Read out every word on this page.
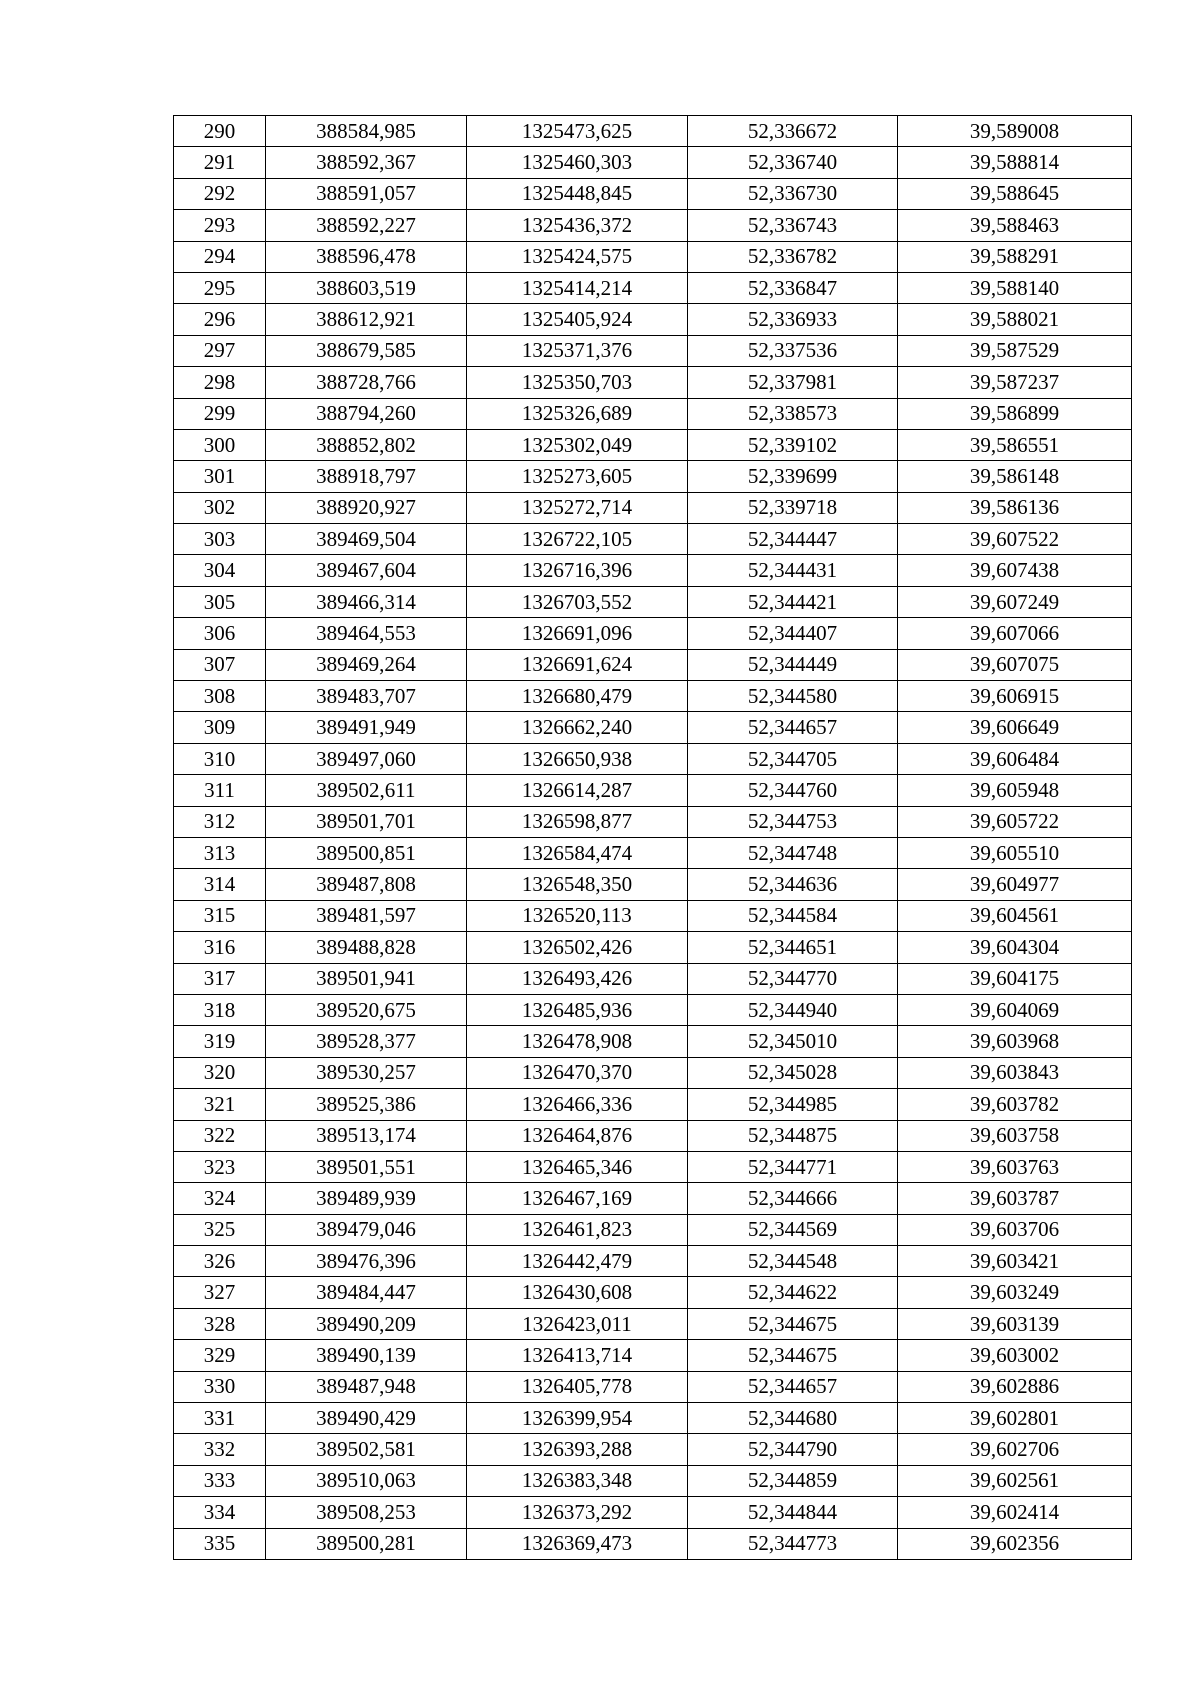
290	388584,985	1325473,625	52,336672	39,589008
291	388592,367	1325460,303	52,336740	39,588814
292	388591,057	1325448,845	52,336730	39,588645
293	388592,227	1325436,372	52,336743	39,588463
294	388596,478	1325424,575	52,336782	39,588291
295	388603,519	1325414,214	52,336847	39,588140
296	388612,921	1325405,924	52,336933	39,588021
297	388679,585	1325371,376	52,337536	39,587529
298	388728,766	1325350,703	52,337981	39,587237
299	388794,260	1325326,689	52,338573	39,586899
300	388852,802	1325302,049	52,339102	39,586551
301	388918,797	1325273,605	52,339699	39,586148
302	388920,927	1325272,714	52,339718	39,586136
303	389469,504	1326722,105	52,344447	39,607522
304	389467,604	1326716,396	52,344431	39,607438
305	389466,314	1326703,552	52,344421	39,607249
306	389464,553	1326691,096	52,344407	39,607066
307	389469,264	1326691,624	52,344449	39,607075
308	389483,707	1326680,479	52,344580	39,606915
309	389491,949	1326662,240	52,344657	39,606649
310	389497,060	1326650,938	52,344705	39,606484
311	389502,611	1326614,287	52,344760	39,605948
312	389501,701	1326598,877	52,344753	39,605722
313	389500,851	1326584,474	52,344748	39,605510
314	389487,808	1326548,350	52,344636	39,604977
315	389481,597	1326520,113	52,344584	39,604561
316	389488,828	1326502,426	52,344651	39,604304
317	389501,941	1326493,426	52,344770	39,604175
318	389520,675	1326485,936	52,344940	39,604069
319	389528,377	1326478,908	52,345010	39,603968
320	389530,257	1326470,370	52,345028	39,603843
321	389525,386	1326466,336	52,344985	39,603782
322	389513,174	1326464,876	52,344875	39,603758
323	389501,551	1326465,346	52,344771	39,603763
324	389489,939	1326467,169	52,344666	39,603787
325	389479,046	1326461,823	52,344569	39,603706
326	389476,396	1326442,479	52,344548	39,603421
327	389484,447	1326430,608	52,344622	39,603249
328	389490,209	1326423,011	52,344675	39,603139
329	389490,139	1326413,714	52,344675	39,603002
330	389487,948	1326405,778	52,344657	39,602886
331	389490,429	1326399,954	52,344680	39,602801
332	389502,581	1326393,288	52,344790	39,602706
333	389510,063	1326383,348	52,344859	39,602561
334	389508,253	1326373,292	52,344844	39,602414
335	389500,281	1326369,473	52,344773	39,602356
